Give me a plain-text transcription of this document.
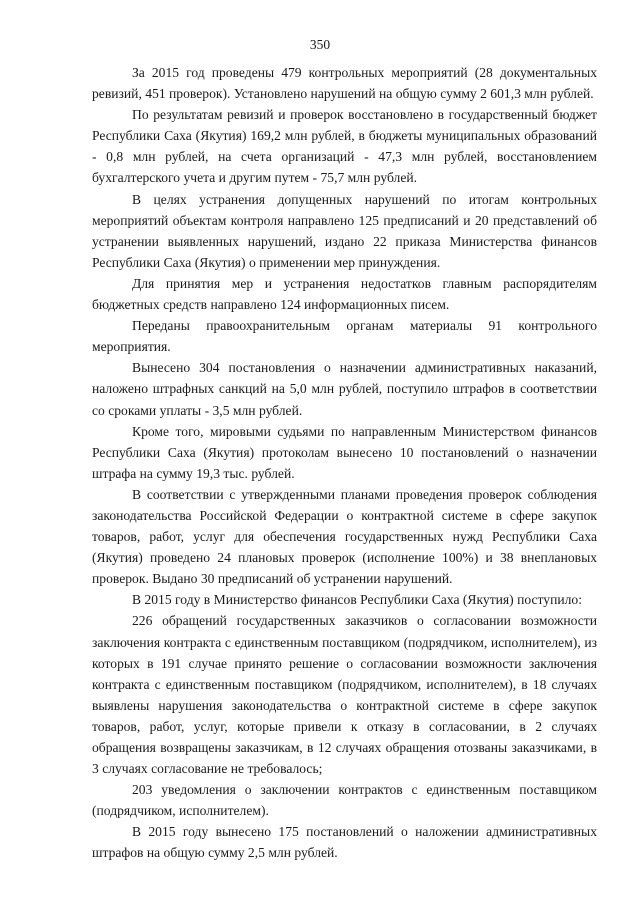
350

За 2015 год проведены 479 контрольных мероприятий (28 документальных ревизий, 451 проверок). Установлено нарушений на общую сумму 2 601,3 млн рублей.

По результатам ревизий и проверок восстановлено в государственный бюджет Республики Саха (Якутия) 169,2 млн рублей, в бюджеты муниципальных образований - 0,8 млн рублей, на счета организаций - 47,3 млн рублей, восстановлением бухгалтерского учета и другим путем - 75,7 млн рублей.

В целях устранения допущенных нарушений по итогам контрольных мероприятий объектам контроля направлено 125 предписаний и 20 представлений об устранении выявленных нарушений, издано 22 приказа Министерства финансов Республики Саха (Якутия) о применении мер принуждения.

Для принятия мер и устранения недостатков главным распорядителям бюджетных средств направлено 124 информационных писем.

Переданы правоохранительным органам материалы 91 контрольного мероприятия.

Вынесено 304 постановления о назначении административных наказаний, наложено штрафных санкций на 5,0 млн рублей, поступило штрафов в соответствии со сроками уплаты - 3,5 млн рублей.

Кроме того, мировыми судьями по направленным Министерством финансов Республики Саха (Якутия) протоколам вынесено 10 постановлений о назначении штрафа на сумму 19,3 тыс. рублей.

В соответствии с утвержденными планами проведения проверок соблюдения законодательства Российской Федерации о контрактной системе в сфере закупок товаров, работ, услуг для обеспечения государственных нужд Республики Саха (Якутия) проведено 24 плановых проверок (исполнение 100%) и 38 внеплановых проверок. Выдано 30 предписаний об устранении нарушений.

В 2015 году в Министерство финансов Республики Саха (Якутия) поступило:

226 обращений государственных заказчиков о согласовании возможности заключения контракта с единственным поставщиком (подрядчиком, исполнителем), из которых в 191 случае принято решение о согласовании возможности заключения контракта с единственным поставщиком (подрядчиком, исполнителем), в 18 случаях выявлены нарушения законодательства о контрактной системе в сфере закупок товаров, работ, услуг, которые привели к отказу в согласовании, в 2 случаях обращения возвращены заказчикам, в 12 случаях обращения отозваны заказчиками, в 3 случаях согласование не требовалось;

203 уведомления о заключении контрактов с единственным поставщиком (подрядчиком, исполнителем).

В 2015 году вынесено 175 постановлений о наложении административных штрафов на общую сумму 2,5 млн рублей.
